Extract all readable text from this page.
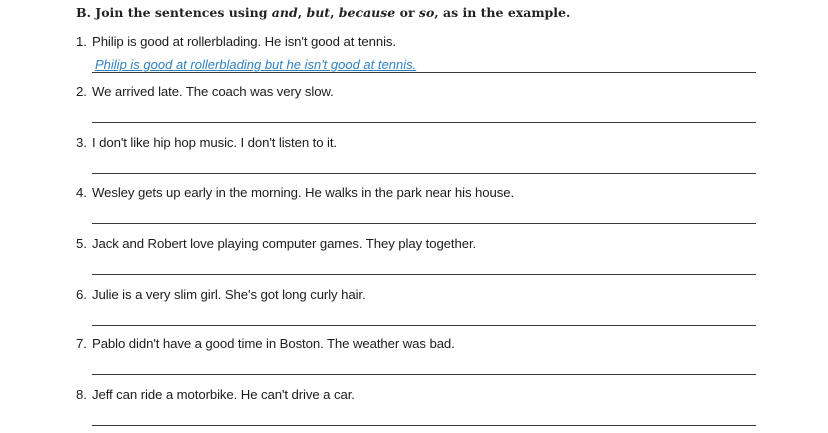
B. Join the sentences using and, but, because or so, as in the example.
1. Philip is good at rollerblading. He isn't good at tennis.
Philip is good at rollerblading but he isn't good at tennis.
2. We arrived late. The coach was very slow.
3. I don't like hip hop music. I don't listen to it.
4. Wesley gets up early in the morning. He walks in the park near his house.
5. Jack and Robert love playing computer games. They play together.
6. Julie is a very slim girl. She's got long curly hair.
7. Pablo didn't have a good time in Boston. The weather was bad.
8. Jeff can ride a motorbike. He can't drive a car.
